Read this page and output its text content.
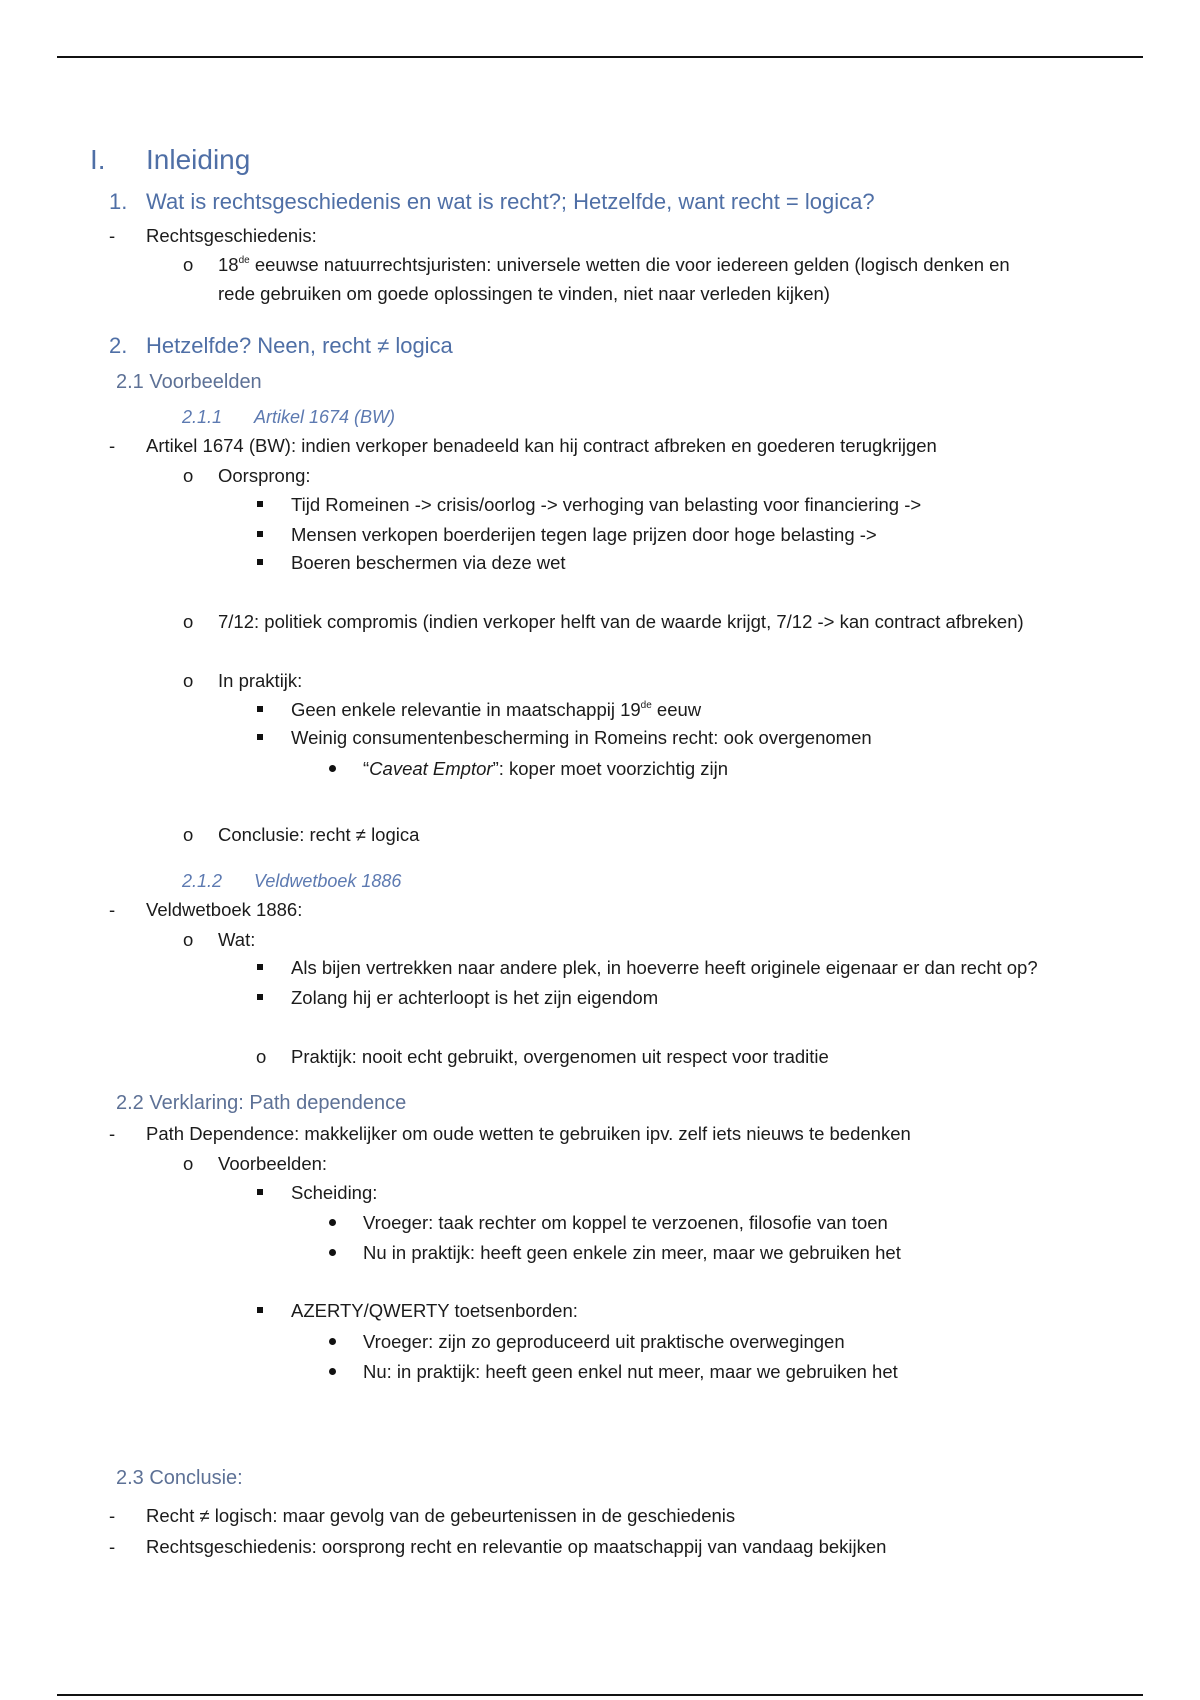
I. Inleiding
1. Wat is rechtsgeschiedenis en wat is recht?; Hetzelfde, want recht = logica?
- Rechtsgeschiedenis:
o 18de eeuwse natuurrechtsjuristen: universele wetten die voor iedereen gelden (logisch denken en
rede gebruiken om goede oplossingen te vinden, niet naar verleden kijken)
2. Hetzelfde? Neen, recht ≠ logica
2.1 Voorbeelden
2.1.1 Artikel 1674 (BW)
- Artikel 1674 (BW): indien verkoper benadeeld kan hij contract afbreken en goederen terugkrijgen
o Oorsprong:
Tijd Romeinen -> crisis/oorlog -> verhoging van belasting voor financiering ->
Mensen verkopen boerderijen tegen lage prijzen door hoge belasting ->
Boeren beschermen via deze wet
o 7/12: politiek compromis (indien verkoper helft van de waarde krijgt, 7/12 -> kan contract afbreken)
o In praktijk:
Geen enkele relevantie in maatschappij 19de eeuw
Weinig consumentenbescherming in Romeins recht: ook overgenomen
“Caveat Emptor”: koper moet voorzichtig zijn
o Conclusie: recht ≠ logica
2.1.2 Veldwetboek 1886
- Veldwetboek 1886:
o Wat:
Als bijen vertrekken naar andere plek, in hoeverre heeft originele eigenaar er dan recht op?
Zolang hij er achterloopt is het zijn eigendom
o Praktijk: nooit echt gebruikt, overgenomen uit respect voor traditie
2.2 Verklaring: Path dependence
- Path Dependence: makkelijker om oude wetten te gebruiken ipv. zelf iets nieuws te bedenken
o Voorbeelden:
Scheiding:
Vroeger: taak rechter om koppel te verzoenen, filosofie van toen
Nu in praktijk: heeft geen enkele zin meer, maar we gebruiken het
AZERTY/QWERTY toetsenborden:
Vroeger: zijn zo geproduceerd uit praktische overwegingen
Nu: in praktijk: heeft geen enkel nut meer, maar we gebruiken het
2.3 Conclusie:
- Recht ≠ logisch: maar gevolg van de gebeurtenissen in de geschiedenis
- Rechtsgeschiedenis: oorsprong recht en relevantie op maatschappij van vandaag bekijken
